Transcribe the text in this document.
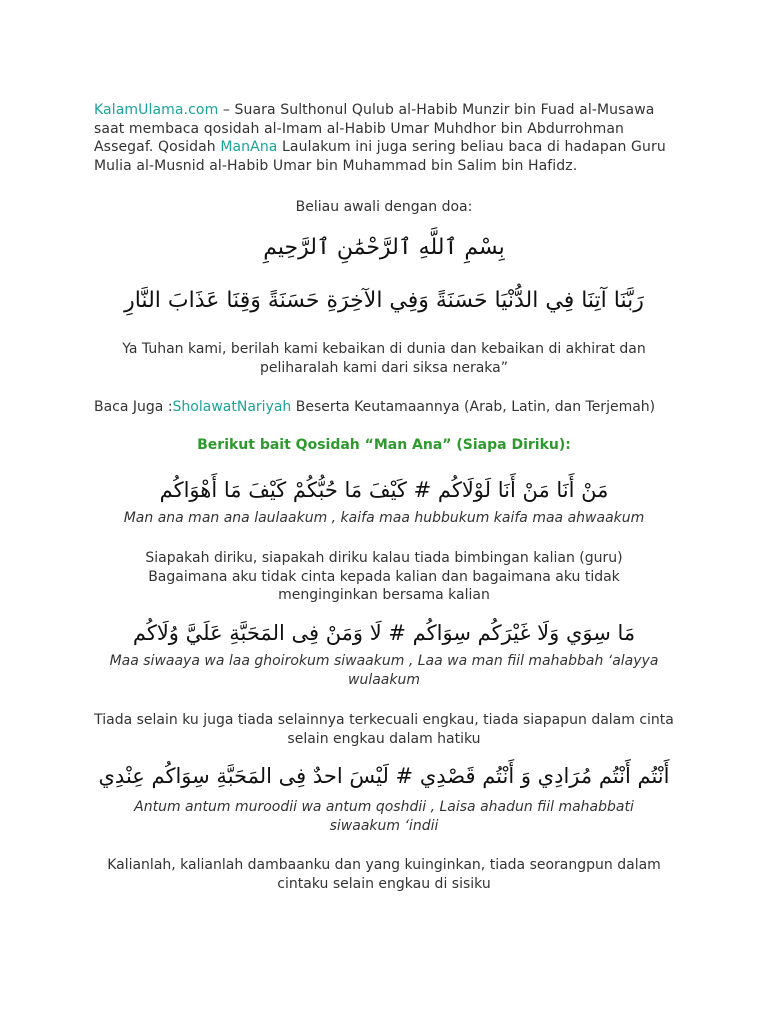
KalamUlama.com – Suara Sulthonul Qulub al-Habib Munzir bin Fuad al-Musawa saat membaca qosidah al-Imam al-Habib Umar Muhdhor bin Abdurrohman Assegaf. Qosidah ManAna Laulakum ini juga sering beliau baca di hadapan Guru Mulia al-Musnid al-Habib Umar bin Muhammad bin Salim bin Hafidz.

Beliau awali dengan doa:
بِسْمِ ٱللَّهِ ٱلرَّحْمَٰنِ ٱلرَّحِيمِ
رَبَّنَا آتِنَا فِي الدُّنْيَا حَسَنَةً وَفِي الآخِرَةِ حَسَنَةً وَقِنَا عَذَابَ النَّارِ
Ya Tuhan kami, berilah kami kebaikan di dunia dan kebaikan di akhirat dan peliharalah kami dari siksa neraka”
Baca Juga :SholawatNariyah Beserta Keutamaannya (Arab, Latin, dan Terjemah)
Berikut bait Qosidah “Man Ana” (Siapa Diriku):
مَنْ أَنَا مَنْ أَنَا لَوْلَاكُم # كَيْفَ مَا حُبُّكُمْ كَيْفَ مَا أَهْوَاكُم
Man ana man ana laulaakum , kaifa maa hubbukum kaifa maa ahwaakum
Siapakah diriku, siapakah diriku kalau tiada bimbingan kalian (guru) Bagaimana aku tidak cinta kepada kalian dan bagaimana aku tidak menginginkan bersama kalian
مَا سِوَي وَلَا غَيْرَكُم سِوَاكُم # لَا وَمَنْ فِى المَحَبَّةِ عَلَيَّ وُلَاكُم
Maa siwaaya wa laa ghoirokum siwaakum , Laa wa man fiil mahabbah ‘alayya wulaakum
Tiada selain ku juga tiada selainnya terkecuali engkau, tiada siapapun dalam cinta selain engkau dalam hatiku
أَنْتُم أَنْتُم مُرَادِي وَ أَنْتُم قَصْدِي # لَيْسَ احدٌ فِى المَحَبَّةِ سِوَاكُم عِنْدِي
Antum antum muroodii wa antum qoshdii , Laisa ahadun fiil mahabbati siwaakum ‘indii
Kalianlah, kalianlah dambaanku dan yang kuinginkan, tiada seorangpun dalam cintaku selain engkau di sisiku
